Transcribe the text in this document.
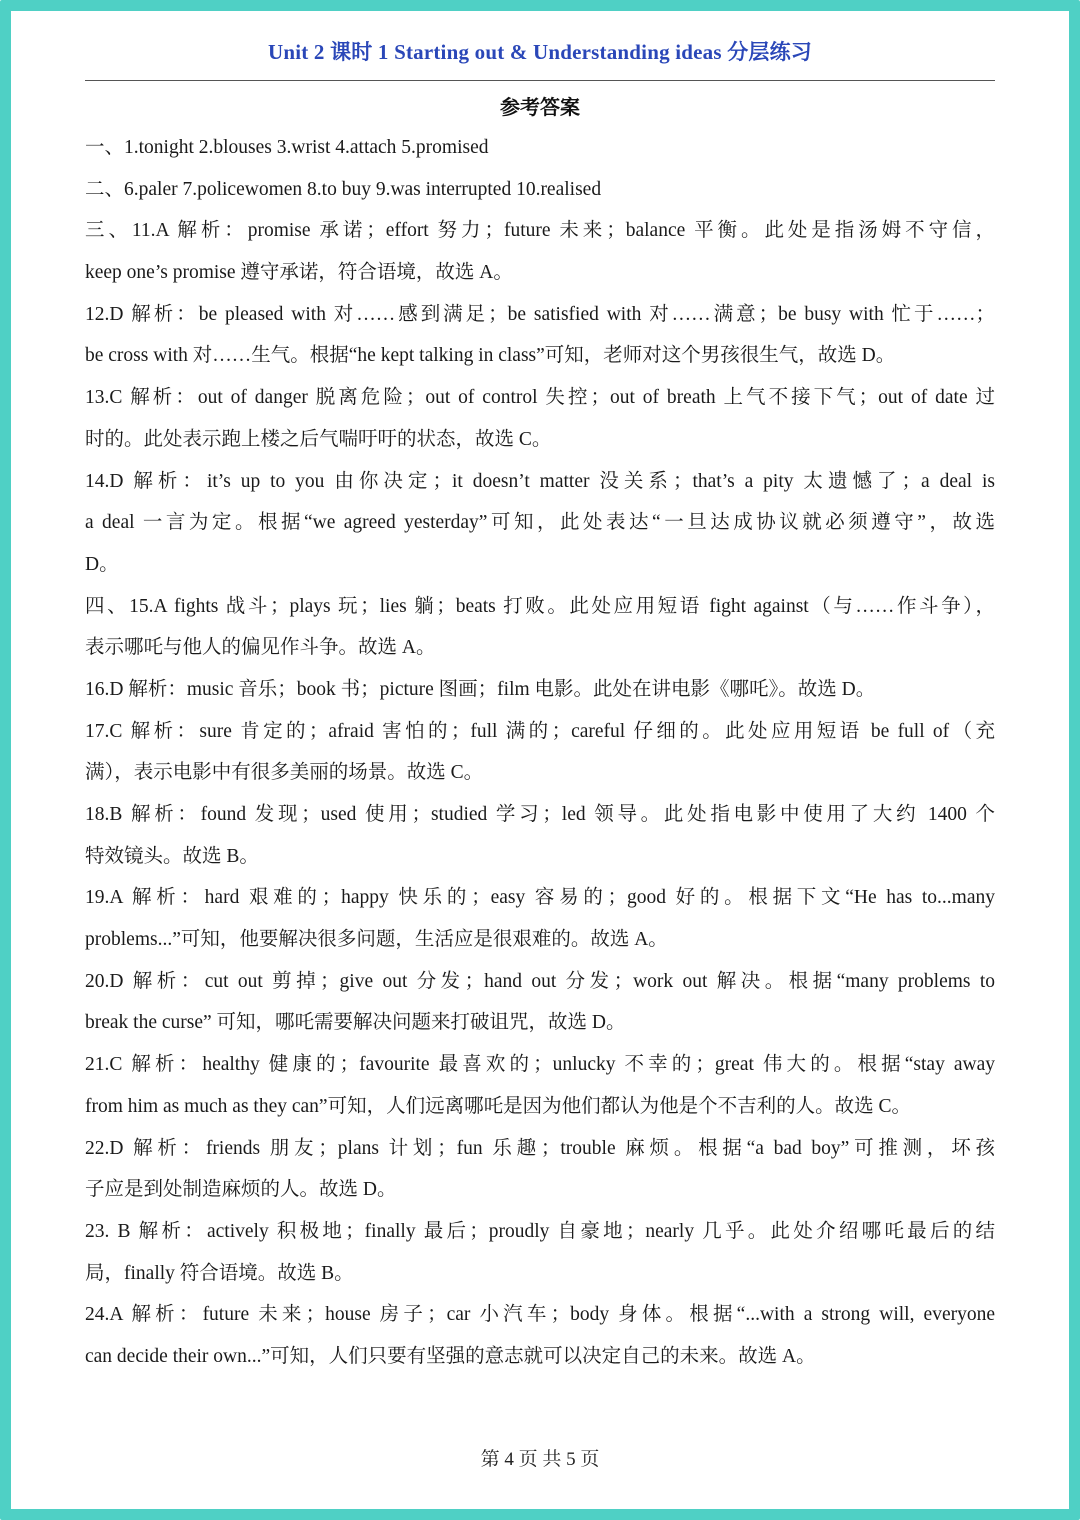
Unit 2 课时 1 Starting out & Understanding ideas 分层练习
参考答案
一、1.tonight 2.blouses 3.wrist 4.attach 5.promised
二、6.paler 7.policewomen 8.to buy 9.was interrupted 10.realised
三、11.A 解析：promise 承诺；effort 努力；future 未来；balance 平衡。此处是指汤姆不守信，
keep one’s promise 遵守承诺，符合语境，故选 A。
12.D 解析：be pleased with 对……感到满足；be satisfied with 对……满意；be busy with 忙于……；
be cross with 对……生气。根据“he kept talking in class”可知，老师对这个男孩很生气，故选 D。
13.C 解析：out of danger 脱离危险；out of control 失控；out of breath 上气不接下气；out of date 过
时的。此处表示跑上楼之后气喘吁吁的状态，故选 C。
14.D 解析：it’s up to you 由你决定；it doesn’t matter 没关系；that’s a pity 太遗憾了；a deal is
a deal 一言为定。根据“we agreed yesterday”可知，此处表达“一旦达成协议就必须遵守”，故选
D。
四、15.A fights 战斗；plays 玩；lies 躺；beats 打败。此处应用短语 fight against（与……作斗争），
表示哪吒与他人的偏见作斗争。故选 A。
16.D 解析：music 音乐；book 书；picture 图画；film 电影。此处在讲电影《哪吒》。故选 D。
17.C 解析：sure 肯定的；afraid 害怕的；full 满的；careful 仔细的。此处应用短语 be full of（充
满），表示电影中有很多美丽的场景。故选 C。
18.B 解析：found 发现；used 使用；studied 学习；led 领导。此处指电影中使用了大约 1400 个
特效镜头。故选 B。
19.A 解析：hard 艰难的；happy 快乐的；easy 容易的；good 好的。根据下文“He has to...many
problems...”可知，他要解决很多问题，生活应是很艰难的。故选 A。
20.D 解析：cut out 剪掉；give out 分发；hand out 分发；work out 解决。根据“many problems to
break the curse” 可知，哪吒需要解决问题来打破诅咒，故选 D。
21.C 解析：healthy 健康的；favourite 最喜欢的；unlucky 不幸的；great 伟大的。根据“stay away
from him as much as they can”可知，人们远离哪吒是因为他们都认为他是个不吉利的人。故选 C。
22.D 解析：friends 朋友；plans 计划；fun 乐趣；trouble 麻烦。根据“a bad boy”可推测，坏孩
子应是到处制造麻烦的人。故选 D。
23. B 解析：actively 积极地；finally 最后；proudly 自豪地；nearly 几乎。此处介绍哪吒最后的结
局，finally 符合语境。故选 B。
24.A 解析：future 未来；house 房子；car 小汽车；body 身体。根据“...with a strong will, everyone
can decide their own...”可知，人们只要有坚强的意志就可以决定自己的未来。故选 A。
第 4 页 共 5 页
